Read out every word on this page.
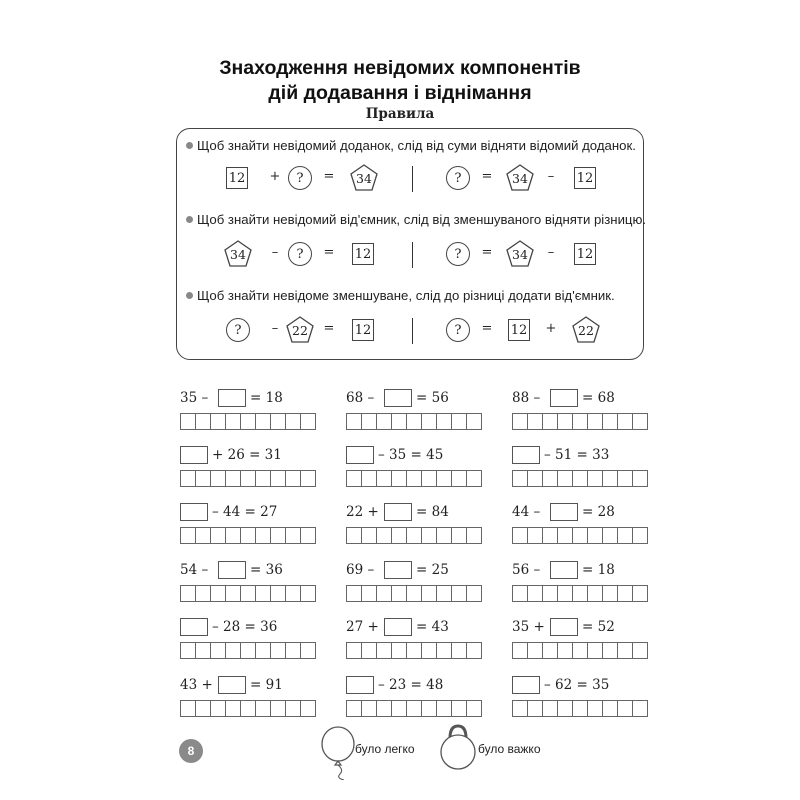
Знаходження невідомих компонентів
дій додавання і віднімання
Правила
Щоб знайти невідомий доданок, слід від суми відняти відомий доданок.
12 +	?	=	34	?	=	34	– 12
Щоб знайти невідомий від'ємник, слід від зменшуваного відняти різницю.
34	–	?	= 12	?	=	34	– 12
Щоб знайти невідоме зменшуване, слід до різниці додати від'ємник.
?	–	22	= 12	?	= 12 +	22
35 –	= 18	68 –	= 56	88 –	= 68
+ 26 = 31	– 35 = 45	– 51 = 33
– 44 = 27	22 +	= 84	44 –	= 28
54 –	= 36	69 –	= 25	56 –	= 18
– 28 = 36	27 +	= 43	35 +	= 52
43 +	= 91	– 23 = 48	– 62 = 35
8	було легко	було важко
